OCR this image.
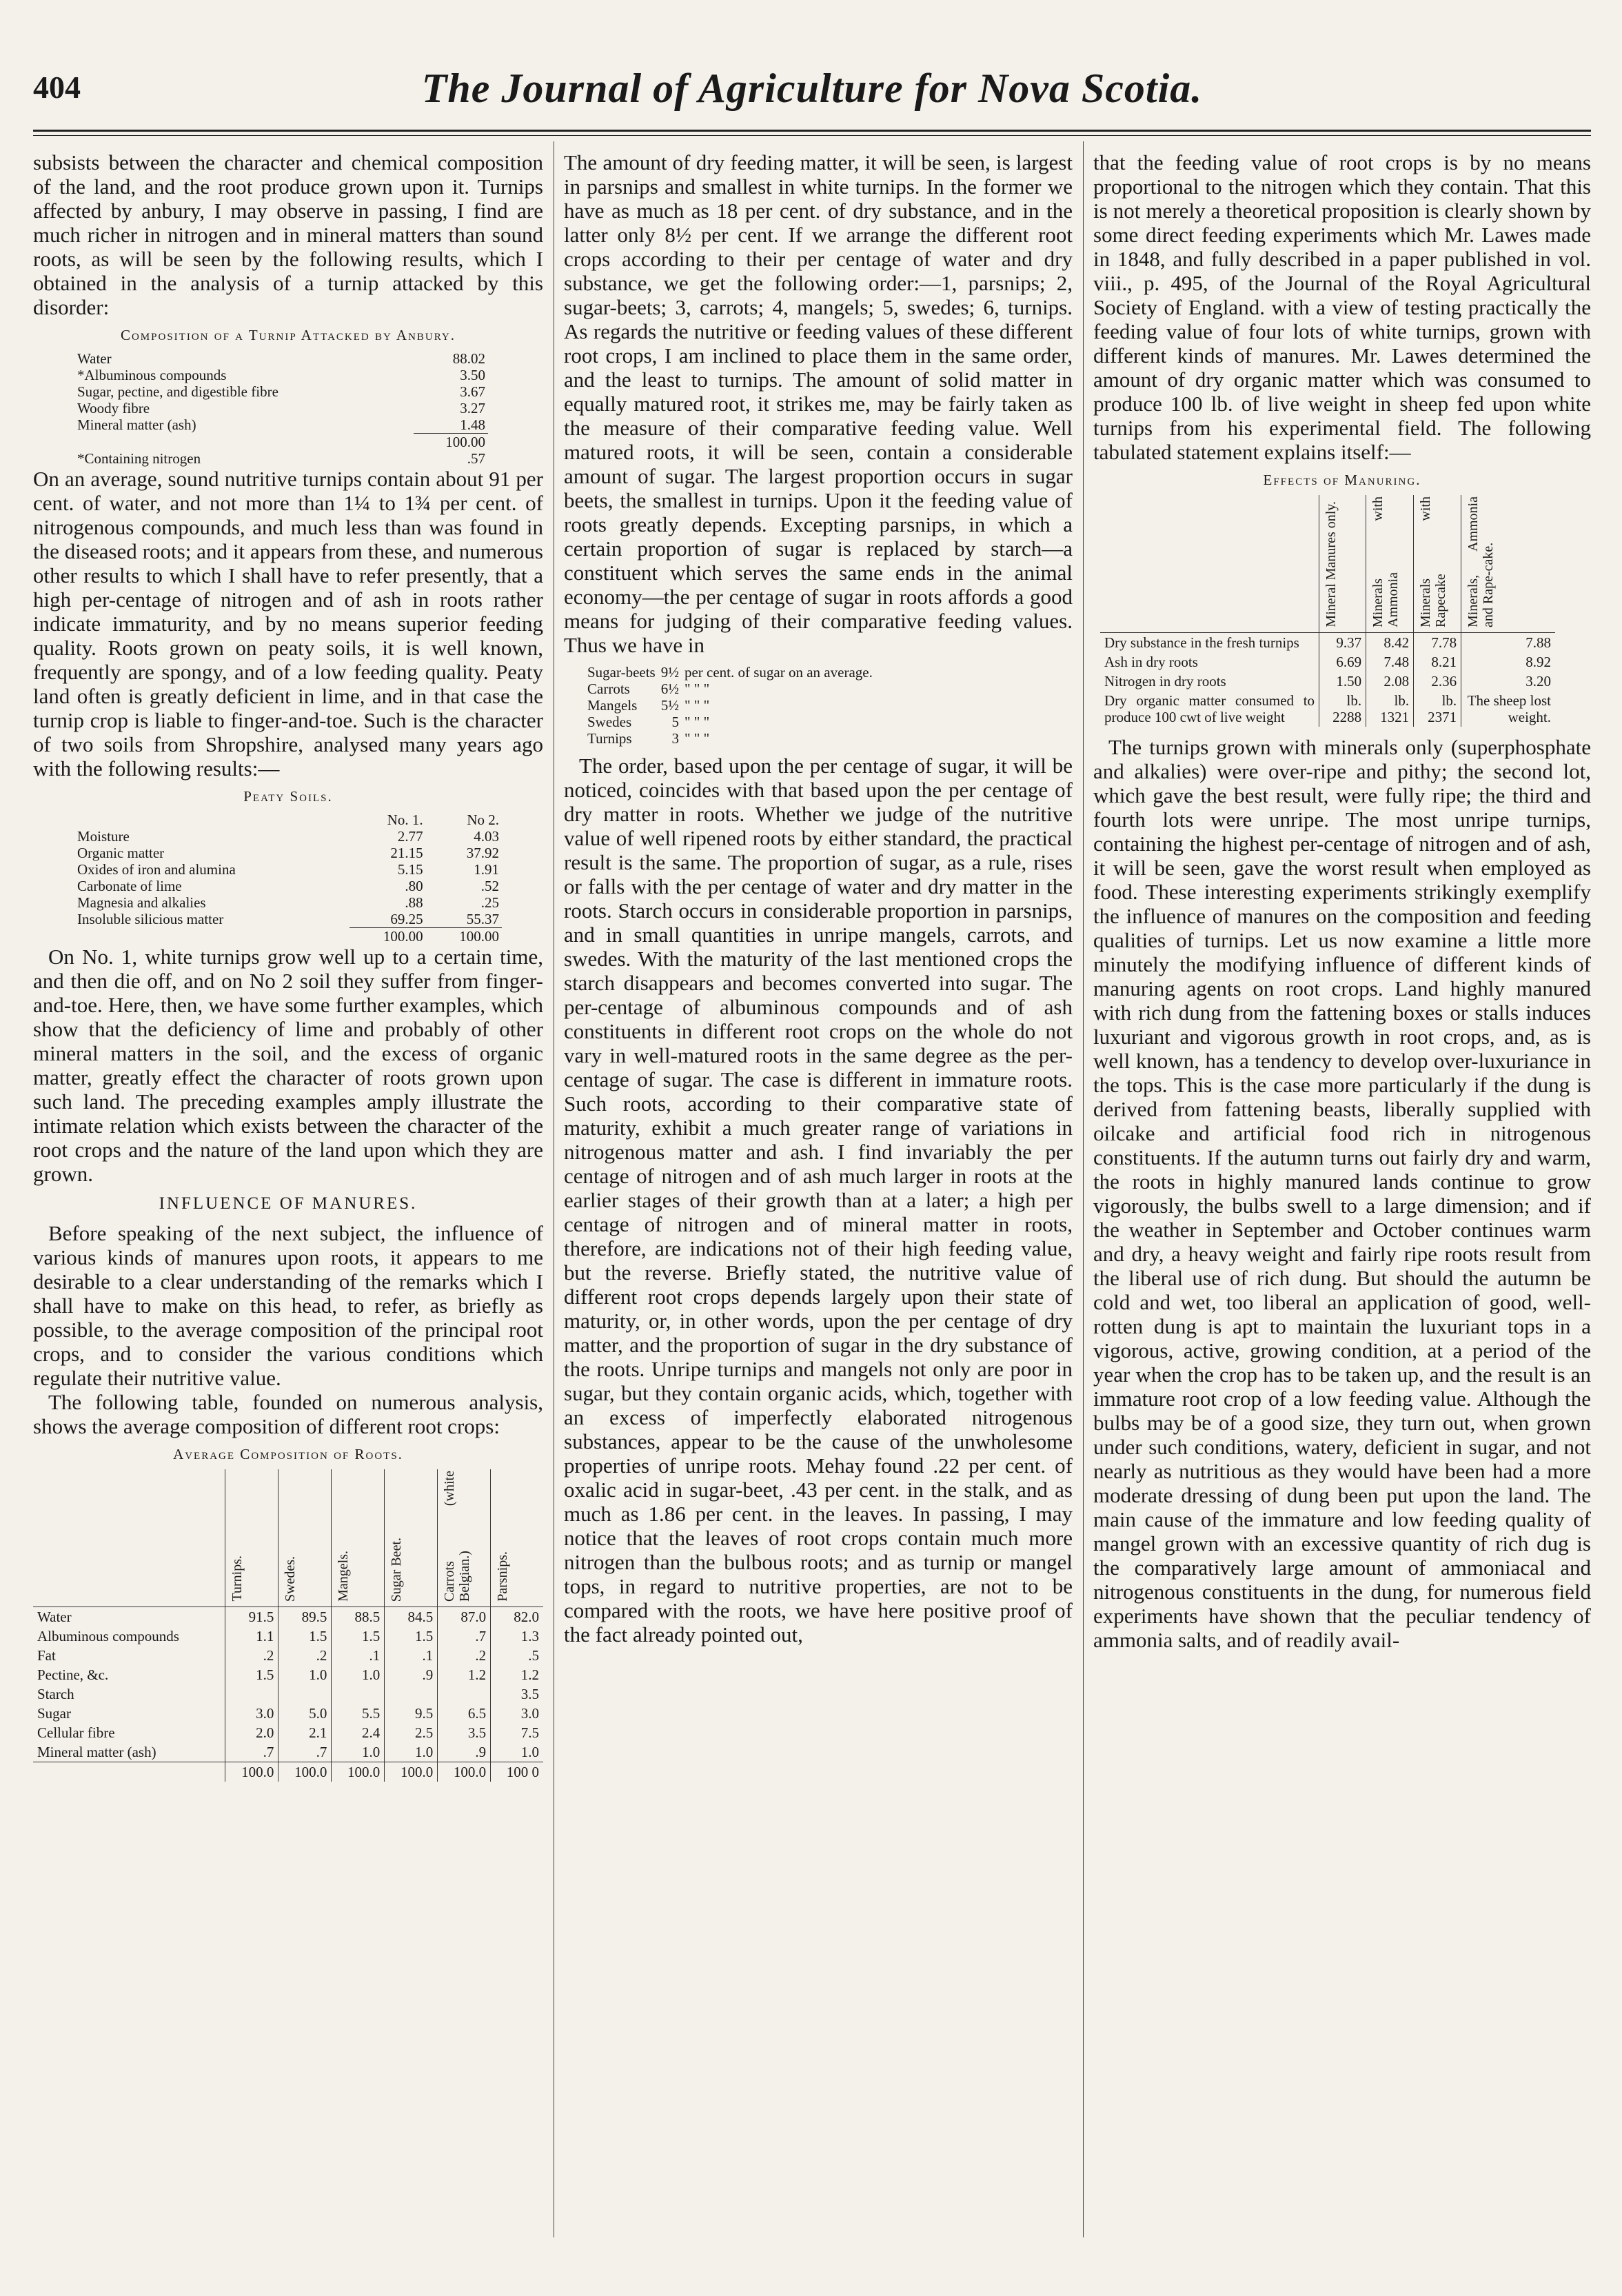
404	The Journal of Agriculture for Nova Scotia.

subsists between the character and chemical composition of the land, and the root produce grown upon it. Turnips affected by anbury, I may observe in passing, I find are much richer in nitrogen and in mineral matters than sound roots, as will be seen by the following results, which I obtained in the analysis of a turnip attacked by this disorder:

Composition of a Turnip Attacked by Anbury.
Water	88.02
*Albuminous compounds	3.50
Sugar, pectine, and digestible fibre	3.67
Woody fibre	3.27
Mineral matter (ash)	1.48
	100.00
*Containing nitrogen	.57

On an average, sound nutritive turnips contain about 91 per cent. of water, and not more than 1¼ to 1¾ per cent. of nitrogenous compounds, and much less than was found in the diseased roots; and it appears from these, and numerous other results to which I shall have to refer presently, that a high per-centage of nitrogen and of ash in roots rather indicate immaturity, and by no means superior feeding quality. Roots grown on peaty soils, it is well known, frequently are spongy, and of a low feeding quality. Peaty land often is greatly deficient in lime, and in that case the turnip crop is liable to finger-and-toe. Such is the character of two soils from Shropshire, analysed many years ago with the following results:—

Peaty Soils.
	No. 1.	No 2.
Moisture	2.77	4.03
Organic matter	21.15	37.92
Oxides of iron and alumina	5.15	1.91
Carbonate of lime	.80	.52
Magnesia and alkalies	.88	.25
Insoluble silicious matter	69.25	55.37
	100.00	100.00

On No. 1, white turnips grow well up to a certain time, and then die off, and on No 2 soil they suffer from finger-and-toe. Here, then, we have some further examples, which show that the deficiency of lime and probably of other mineral matters in the soil, and the excess of organic matter, greatly effect the character of roots grown upon such land. The preceding examples amply illustrate the intimate relation which exists between the character of the root crops and the nature of the land upon which they are grown.

INFLUENCE OF MANURES.

Before speaking of the next subject, the influence of various kinds of manures upon roots, it appears to me desirable to a clear understanding of the remarks which I shall have to make on this head, to refer, as briefly as possible, to the average composition of the principal root crops, and to consider the various conditions which regulate their nutritive value.

The following table, founded on numerous analysis, shows the average composition of different root crops:

Average Composition of Roots.
	Turnips.	Swedes.	Mangels.	Sugar Beet.	Carrots (white Belgian.)	Parsnips.
Water	91.5	89.5	88.5	84.5	87.0	82.0
Albuminous compounds	1.1	1.5	1.5	1.5	.7	1.3
Fat	.2	.2	.1	.1	.2	.5
Pectine, &c.	1.5	1.0	1.0	.9	1.2	1.2
Starch						3.5
Sugar	3.0	5.0	5.5	9.5	6.5	3.0
Cellular fibre	2.0	2.1	2.4	2.5	3.5	7.5
Mineral matter (ash)	.7	.7	1.0	1.0	.9	1.0
	100.0	100.0	100.0	100.0	100.0	100 0

The amount of dry feeding matter, it will be seen, is largest in parsnips and smallest in white turnips. In the former we have as much as 18 per cent. of dry substance, and in the latter only 8½ per cent. If we arrange the different root crops according to their per centage of water and dry substance, we get the following order:—1, parsnips; 2, sugar-beets; 3, carrots; 4, mangels; 5, swedes; 6, turnips. As regards the nutritive or feeding values of these different root crops, I am inclined to place them in the same order, and the least to turnips. The amount of solid matter in equally matured root, it strikes me, may be fairly taken as the measure of their comparative feeding value. Well matured roots, it will be seen, contain a considerable amount of sugar. The largest proportion occurs in sugar beets, the smallest in turnips. Upon it the feeding value of roots greatly depends. Excepting parsnips, in which a certain proportion of sugar is replaced by starch—a constituent which serves the same ends in the animal economy—the per centage of sugar in roots affords a good means for judging of their comparative feeding values. Thus we have in

Sugar-beets	9½	per cent. of sugar on an average.
Carrots	6½	" " "
Mangels	5½	" " "
Swedes	5	" " "
Turnips	3	" " "

The order, based upon the per centage of sugar, it will be noticed, coincides with that based upon the per centage of dry matter in roots. Whether we judge of the nutritive value of well ripened roots by either standard, the practical result is the same. The proportion of sugar, as a rule, rises or falls with the per centage of water and dry matter in the roots. Starch occurs in considerable proportion in parsnips, and in small quantities in unripe mangels, carrots, and swedes. With the maturity of the last mentioned crops the starch disappears and becomes converted into sugar. The per-centage of albuminous compounds and of ash constituents in different root crops on the whole do not vary in well-matured roots in the same degree as the per-centage of sugar. The case is different in immature roots. Such roots, according to their comparative state of maturity, exhibit a much greater range of variations in nitrogenous matter and ash. I find invariably the per centage of nitrogen and of ash much larger in roots at the earlier stages of their growth than at a later; a high per centage of nitrogen and of mineral matter in roots, therefore, are indications not of their high feeding value, but the reverse. Briefly stated, the nutritive value of different root crops depends largely upon their state of maturity, or, in other words, upon the per centage of dry matter, and the proportion of sugar in the dry substance of the roots. Unripe turnips and mangels not only are poor in sugar, but they contain organic acids, which, together with an excess of imperfectly elaborated nitrogenous substances, appear to be the cause of the unwholesome properties of unripe roots. Mehay found .22 per cent. of oxalic acid in sugar-beet, .43 per cent. in the stalk, and as much as 1.86 per cent. in the leaves. In passing, I may notice that the leaves of root crops contain much more nitrogen than the bulbous roots; and as turnip or mangel tops, in regard to nutritive properties, are not to be compared with the roots, we have here positive proof of the fact already pointed out,

that the feeding value of root crops is by no means proportional to the nitrogen which they contain. That this is not merely a theoretical proposition is clearly shown by some direct feeding experiments which Mr. Lawes made in 1848, and fully described in a paper published in vol. viii., p. 495, of the Journal of the Royal Agricultural Society of England. with a view of testing practically the feeding value of four lots of white turnips, grown with different kinds of manures. Mr. Lawes determined the amount of dry organic matter which was consumed to produce 100 lb. of live weight in sheep fed upon white turnips from his experimental field. The following tabulated statement explains itself:—

Effects of Manuring.
	Mineral Manures only.	Minerals with Ammonia	Minerals with Rapecake	Minerals, Ammonia and Rape-cake.
Dry substance in the fresh turnips	9.37	8.42	7.78	7.88
Ash in dry roots	6.69	7.48	8.21	8.92
Nitrogen in dry roots	1.50	2.08	2.36	3.20
Dry organic matter consumed to produce 100 cwt of live weight	lb. 2288	lb. 1321	lb. 2371	The sheep lost weight.

The turnips grown with minerals only (superphosphate and alkalies) were over-ripe and pithy; the second lot, which gave the best result, were fully ripe; the third and fourth lots were unripe. The most unripe turnips, containing the highest per-centage of nitrogen and of ash, it will be seen, gave the worst result when employed as food. These interesting experiments strikingly exemplify the influence of manures on the composition and feeding qualities of turnips. Let us now examine a little more minutely the modifying influence of different kinds of manuring agents on root crops. Land highly manured with rich dung from the fattening boxes or stalls induces luxuriant and vigorous growth in root crops, and, as is well known, has a tendency to develop over-luxuriance in the tops. This is the case more particularly if the dung is derived from fattening beasts, liberally supplied with oilcake and artificial food rich in nitrogenous constituents. If the autumn turns out fairly dry and warm, the roots in highly manured lands continue to grow vigorously, the bulbs swell to a large dimension; and if the weather in September and October continues warm and dry, a heavy weight and fairly ripe roots result from the liberal use of rich dung. But should the autumn be cold and wet, too liberal an application of good, well-rotten dung is apt to maintain the luxuriant tops in a vigorous, active, growing condition, at a period of the year when the crop has to be taken up, and the result is an immature root crop of a low feeding value. Although the bulbs may be of a good size, they turn out, when grown under such conditions, watery, deficient in sugar, and not nearly as nutritious as they would have been had a more moderate dressing of dung been put upon the land. The main cause of the immature and low feeding quality of mangel grown with an excessive quantity of rich dug is the comparatively large amount of ammoniacal and nitrogenous constituents in the dung, for numerous field experiments have shown that the peculiar tendency of ammonia salts, and of readily avail-
